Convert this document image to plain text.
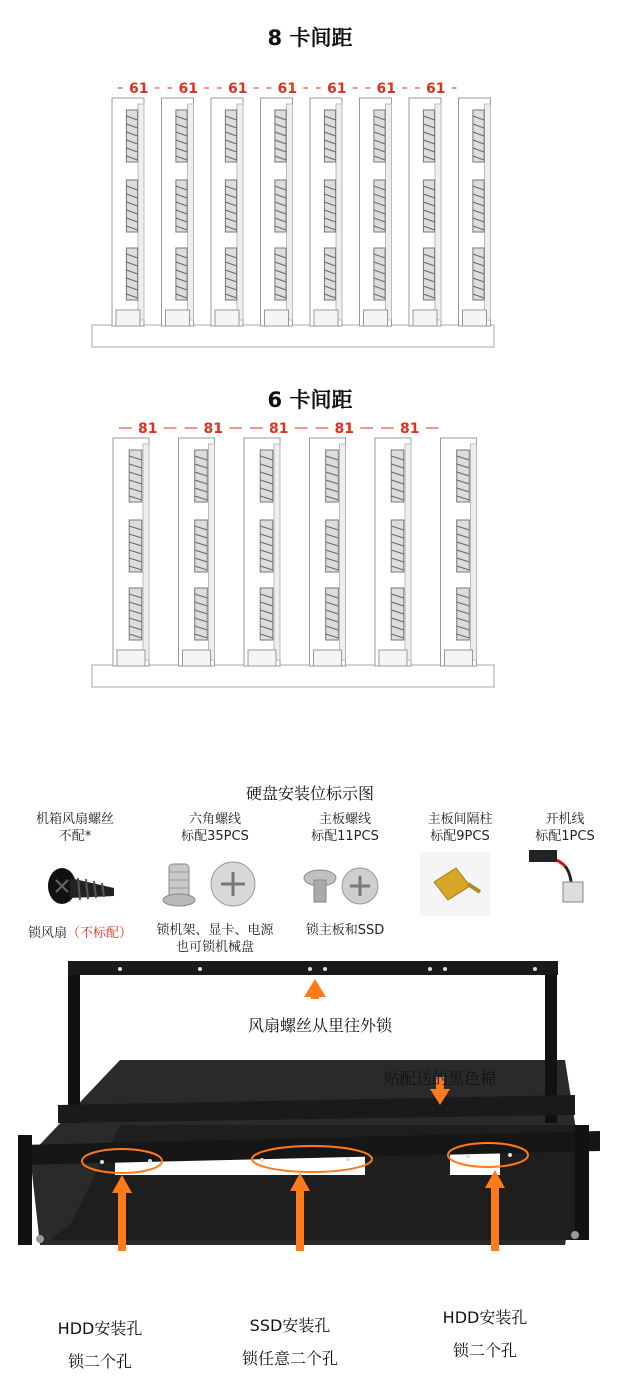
8 卡间距
61 61 61 61 61 61 61
6 卡间距
81	81	81	81	81
硬盘安装位标示图
机箱风扇螺丝
不配*
锁风扇（不标配）
六角螺线
标配35PCS
锁机架、显卡、电源
也可锁机械盘
主板螺线
标配11PCS
锁主板和SSD
主板间隔柱
标配9PCS
开机线
标配1PCS
风扇螺丝从里往外锁
贴配送的黑色棉
HDD安装孔
锁二个孔
SSD安装孔
锁任意二个孔
HDD安装孔
锁二个孔
